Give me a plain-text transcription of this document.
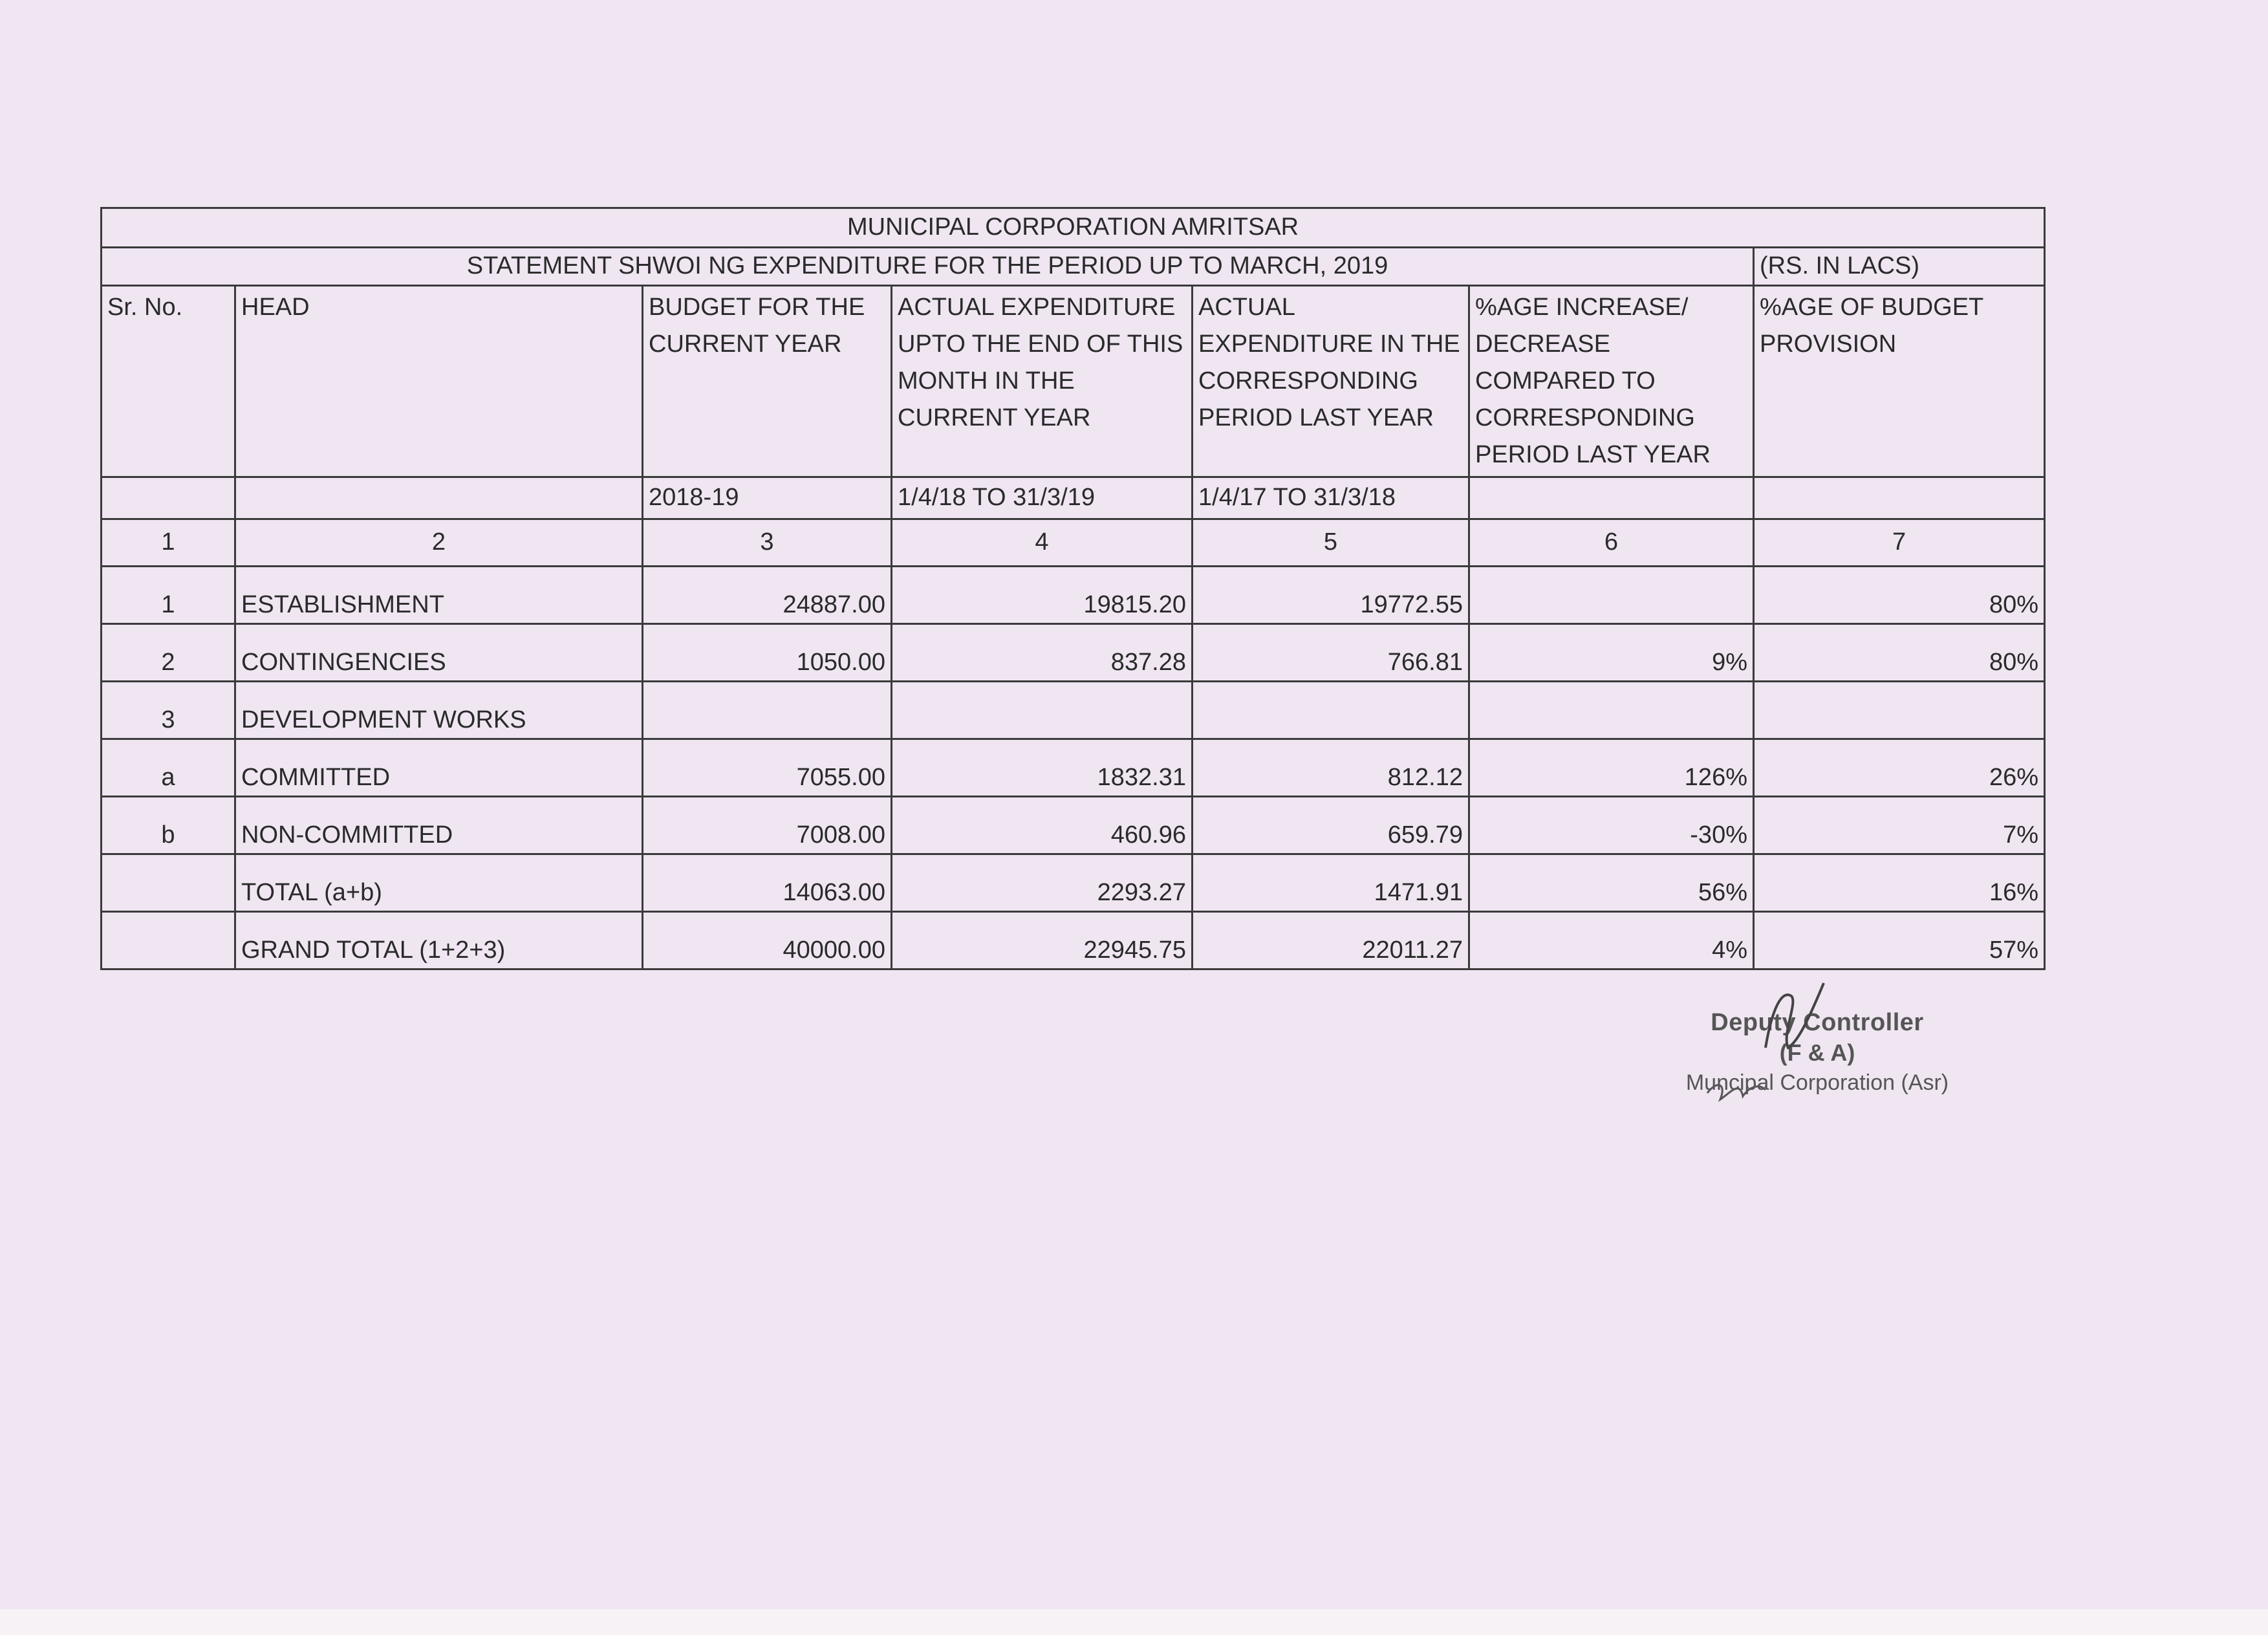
MUNICIPAL CORPORATION AMRITSAR						
STATEMENT SHWOI NG EXPENDITURE FOR THE PERIOD UP TO MARCH, 2019						(RS. IN LACS)
Sr. No.	HEAD	BUDGET FOR THE CURRENT YEAR	ACTUAL EXPENDITURE UPTO THE END OF THIS MONTH IN THE CURRENT YEAR	ACTUAL EXPENDITURE IN THE CORRESPONDING PERIOD LAST YEAR	%AGE INCREASE/ DECREASE COMPARED TO CORRESPONDING PERIOD LAST YEAR	%AGE OF BUDGET PROVISION
		2018-19	1/4/18 TO 31/3/19	1/4/17 TO 31/3/18		
1	2	3	4	5	6	7
1	ESTABLISHMENT	24887.00	19815.20	19772.55		80%
2	CONTINGENCIES	1050.00	837.28	766.81	9%	80%
3	DEVELOPMENT WORKS					
a	COMMITTED	7055.00	1832.31	812.12	126%	26%
b	NON-COMMITTED	7008.00	460.96	659.79	-30%	7%
	TOTAL (a+b)	14063.00	2293.27	1471.91	56%	16%
	GRAND TOTAL (1+2+3)	40000.00	22945.75	22011.27	4%	57%
Deputy Controller
(F & A)
Muncipal Corporation (Asr)
